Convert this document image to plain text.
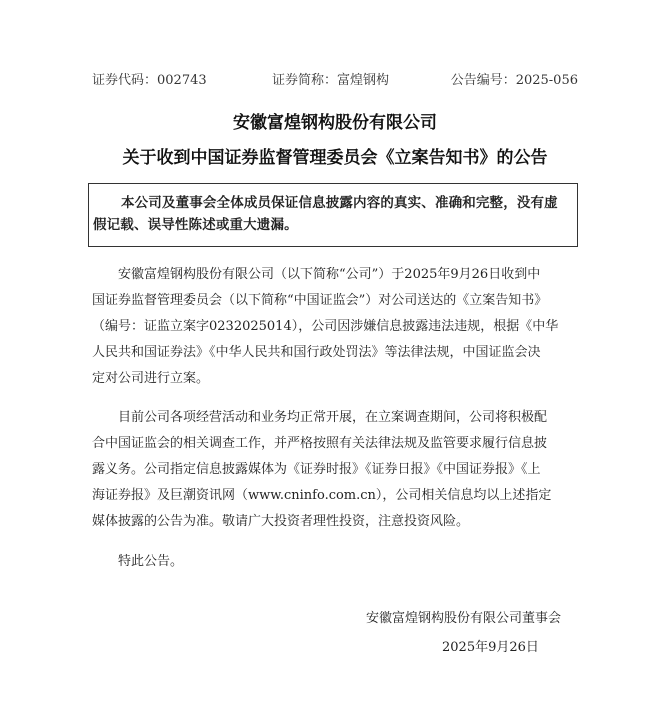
证券代码：002743	证券简称：富煌钢构	公告编号：2025-056
安徽富煌钢构股份有限公司
关于收到中国证券监督管理委员会《立案告知书》的公告
本公司及董事会全体成员保证信息披露内容的真实、准确和完整，没有虚
假记载、误导性陈述或重大遗漏。
安徽富煌钢构股份有限公司（以下简称“公司”）于2025年9月26日收到中
国证券监督管理委员会（以下简称“中国证监会”）对公司送达的《立案告知书》
（编号：证监立案字0232025014），公司因涉嫌信息披露违法违规，根据《中华
人民共和国证券法》《中华人民共和国行政处罚法》等法律法规，中国证监会决
定对公司进行立案。
目前公司各项经营活动和业务均正常开展，在立案调查期间，公司将积极配
合中国证监会的相关调查工作，并严格按照有关法律法规及监管要求履行信息披
露义务。公司指定信息披露媒体为《证券时报》《证券日报》《中国证券报》《上
海证券报》及巨潮资讯网（www.cninfo.com.cn），公司相关信息均以上述指定
媒体披露的公告为准。敬请广大投资者理性投资，注意投资风险。
特此公告。
安徽富煌钢构股份有限公司董事会
2025年9月26日
